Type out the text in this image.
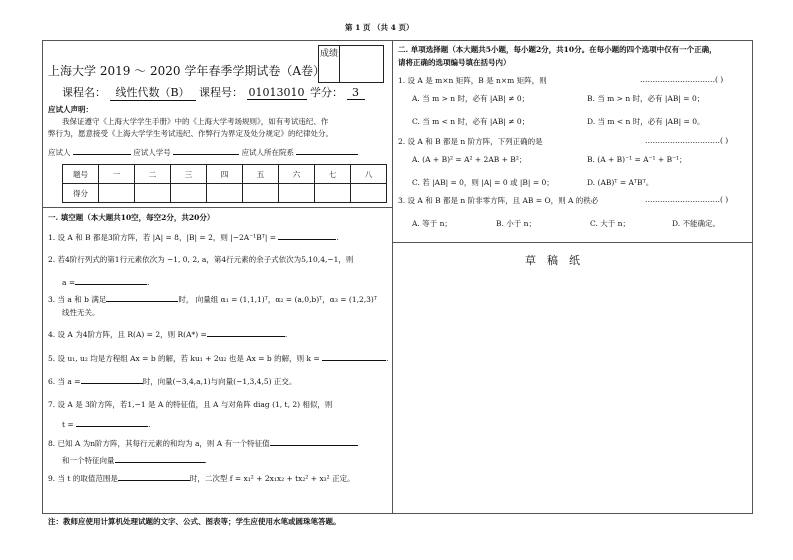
第 1 页 （共 4 页）
上海大学 2019 ～ 2020 学年春季学期试卷（A卷）
成绩
课程名： 线性代数（B） 课程号： 01013010 学分： 3
应试人声明：
我保证遵守《上海大学学生手册》中的《上海大学考场规则》，如有考试违纪、作
弊行为，愿意接受《上海大学学生考试违纪、作弊行为界定及处分规定》的纪律处分。
应试人	应试人学号	应试人所在院系
题号	一	二	三	四	五	六	七	八
得分								
一. 填空题（本大题共10空，每空2分，共20分）
1. 设 A 和 B 都是3阶方阵，若 |A| = 8，|B| = 2，则 |−2A⁻¹Bᵀ| =	.
2. 若4阶行列式的第1行元素依次为 −1, 0, 2, a，第4行元素的余子式依次为5,10,4,−1，则
a =	.
3. 当 a 和 b 满足	时， 向量组 α₁ = (1,1,1)ᵀ，α₂ = (a,0,b)ᵀ，α₃ = (1,2,3)ᵀ
线性无关。
4. 设 A 为4阶方阵，且 R(A) = 2，则 R(A*) =	.
5. 设 u₁, u₂ 均是方程组 Ax = b 的解，若 ku₁ + 2u₂ 也是 Ax = b 的解，则 k =	.
6. 当 a =	时，向量(−3,4,a,1)与向量(−1,3,4,5) 正交。
7. 设 A 是 3阶方阵，若1,−1 是 A 的特征值，且 A 与对角阵 diag (1, t, 2) 相似，则
t =	.
8. 已知 A 为n阶方阵，其每行元素的和均为 a，则 A 有一个特征值
和一个特征向量	.
9. 当 t 的取值范围是	时，二次型 f = x₁² + 2x₁x₂ + tx₂² + x₃² 正定。
二. 单项选择题（本大题共5小题，每小题2分，共10分。在每小题的四个选项中仅有一个正确，
请将正确的选项编号填在括号内）
1. 设 A 是 m×n 矩阵，B 是 n×m 矩阵，则	…………………………( )
A. 当 m > n 时，必有 |AB| ≠ 0；	B. 当 m > n 时，必有 |AB| = 0；
C. 当 m < n 时，必有 |AB| ≠ 0；	D. 当 m < n 时，必有 |AB| = 0。
2. 设 A 和 B 都是 n 阶方阵，下列正确的是	…………………………( )
A. (A + B)² = A² + 2AB + B²；	B. (A + B)⁻¹ = A⁻¹ + B⁻¹；
C. 若 |AB| = 0，则 |A| = 0 或 |B| = 0；	D. (AB)ᵀ = AᵀBᵀ。
3. 设 A 和 B 都是 n 阶非零方阵，且 AB = O，则 A 的秩必	…………………………( )
A. 等于 n；	B. 小于 n；	C. 大于 n；	D. 不能确定。
草　稿　纸
注：教师应使用计算机处理试题的文字、公式、图表等；学生应使用水笔或圆珠笔答题。
